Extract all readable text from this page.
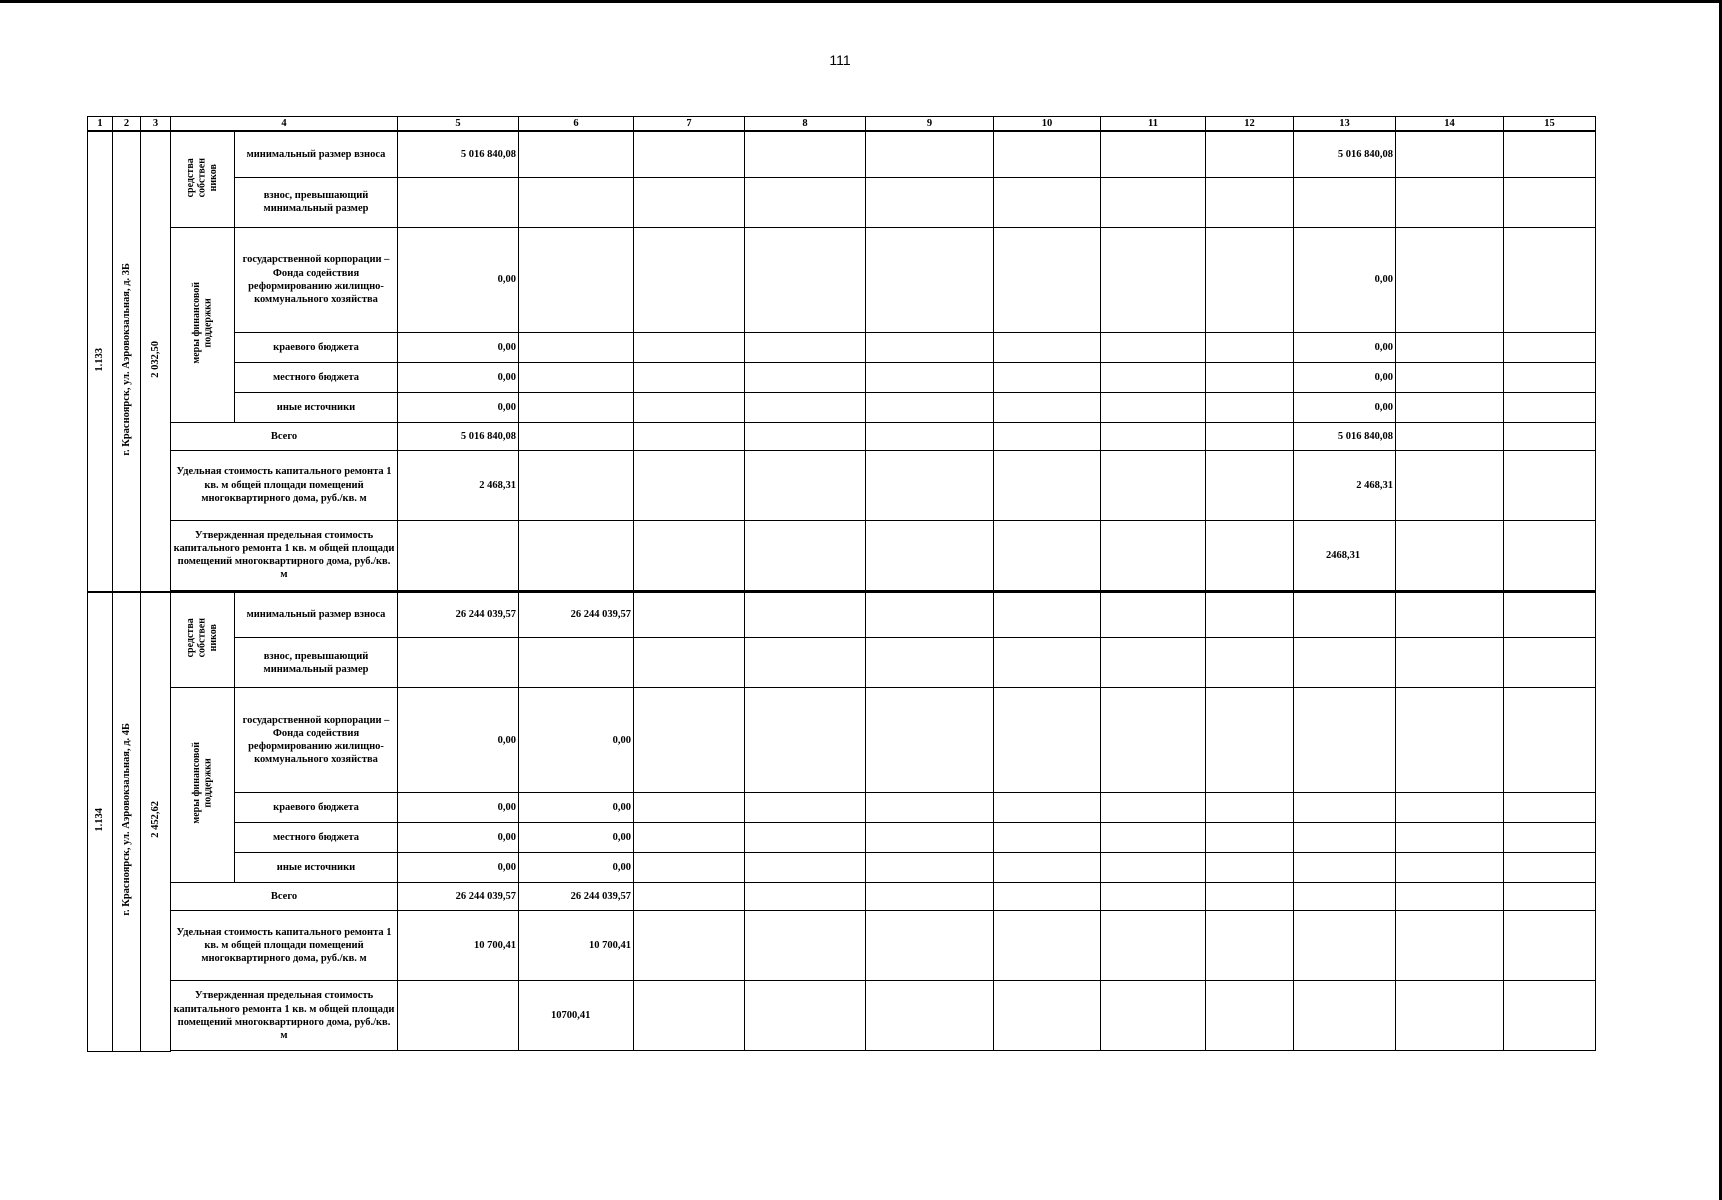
111
1	2	3	4		5	6	7	8	9	10	11	12	13	14	15
1.133	г. Красноярск, ул. Аэровокзальная, д. 3Б	2 032,50	средства
собствен
ников	минимальный размер взноса	5 016 840,08								5 016 840,08		
				взнос, превышающий минимальный размер											
			меры финансовой
поддержки	государственной корпорации – Фонда содействия реформированию жилищно-коммунального хозяйства	0,00								0,00		
				краевого бюджета	0,00								0,00		
				местного бюджета	0,00								0,00		
				иные источники	0,00								0,00		
			Всего		5 016 840,08								5 016 840,08		
			Удельная стоимость капитального ремонта 1 кв. м общей площади помещений многоквартирного дома, руб./кв. м		2 468,31								2 468,31		
			Утвержденная предельная стоимость капитального ремонта 1 кв. м общей площади помещений многоквартирного дома, руб./кв. м										2468,31		

1.134	г. Красноярск, ул. Аэровокзальная, д. 4Б	2 452,62	средства
собствен
ников	минимальный размер взноса	26 244 039,57	26 244 039,57									
				взнос, превышающий минимальный размер											
			меры финансовой
поддержки	государственной корпорации – Фонда содействия реформированию жилищно-коммунального хозяйства	0,00	0,00									
				краевого бюджета	0,00	0,00									
				местного бюджета	0,00	0,00									
				иные источники	0,00	0,00									
			Всего		26 244 039,57	26 244 039,57									
			Удельная стоимость капитального ремонта 1 кв. м общей площади помещений многоквартирного дома, руб./кв. м		10 700,41	10 700,41									
			Утвержденная предельная стоимость капитального ремонта 1 кв. м общей площади помещений многоквартирного дома, руб./кв. м			10700,41									
